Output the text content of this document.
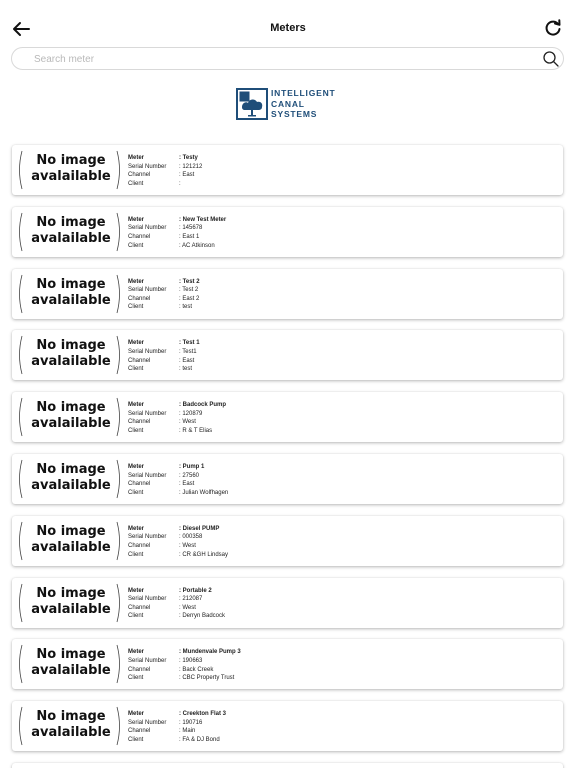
Meters
Search meter
INTELLIGENT
CANAL
SYSTEMS
No image
avalailable
Meter
Serial Number
Channel
Client
: Testy
: 121212
: East
:
No image
avalailable
Meter
Serial Number
Channel
Client
: New Test Meter
: 145678
: East 1
: AC Atkinson
No image
avalailable
Meter
Serial Number
Channel
Client
: Test 2
: Test 2
: East 2
: test
No image
avalailable
Meter
Serial Number
Channel
Client
: Test 1
: Test1
: East
: test
No image
avalailable
Meter
Serial Number
Channel
Client
: Badcock Pump
: 120879
: West
: R & T Elias
No image
avalailable
Meter
Serial Number
Channel
Client
: Pump 1
: 27560
: East
: Julian Wolfhagen
No image
avalailable
Meter
Serial Number
Channel
Client
: Diesel PUMP
: 000358
: West
: CR &GH Lindsay
No image
avalailable
Meter
Serial Number
Channel
Client
: Portable 2
: 212087
: West
: Derryn Badcock
No image
avalailable
Meter
Serial Number
Channel
Client
: Mundenvale Pump 3
: 190663
: Back Creek
: CBC Property Trust
No image
avalailable
Meter
Serial Number
Channel
Client
: Creekton Flat 3
: 190716
: Main
: FA & DJ Bond
